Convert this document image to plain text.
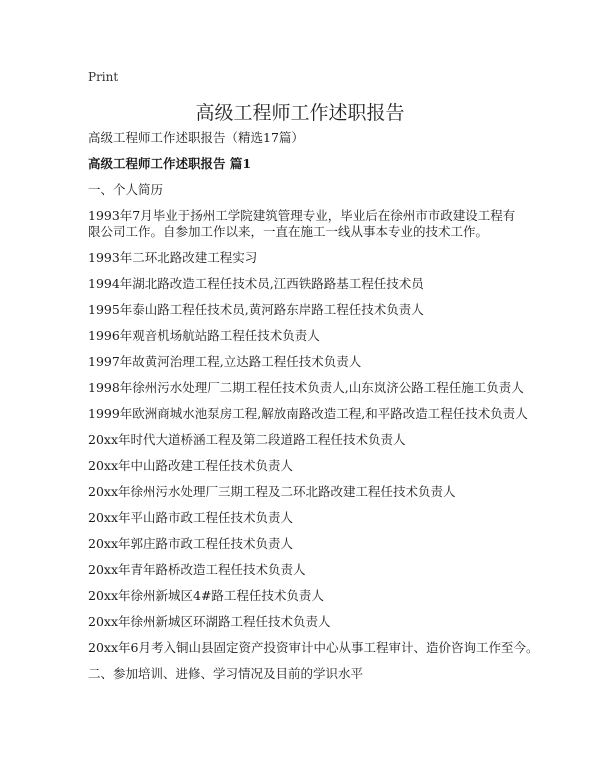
Print
高级工程师工作述职报告

高级工程师工作述职报告（精选17篇）

高级工程师工作述职报告 篇1

一、个人简历

1993年7月毕业于扬州工学院建筑管理专业，毕业后在徐州市市政建设工程有限公司工作。自参加工作以来，一直在施工一线从事本专业的技术工作。

1993年二环北路改建工程实习

1994年湖北路改造工程任技术员,江西铁路路基工程任技术员

1995年泰山路工程任技术员,黄河路东岸路工程任技术负责人

1996年观音机场航站路工程任技术负责人

1997年故黄河治理工程,立达路工程任技术负责人

1998年徐州污水处理厂二期工程任技术负责人,山东岚济公路工程任施工负责人

1999年欧洲商城水池泵房工程,解放南路改造工程,和平路改造工程任技术负责人

20xx年时代大道桥涵工程及第二段道路工程任技术负责人

20xx年中山路改建工程任技术负责人

20xx年徐州污水处理厂三期工程及二环北路改建工程任技术负责人

20xx年平山路市政工程任技术负责人

20xx年郭庄路市政工程任技术负责人

20xx年青年路桥改造工程任技术负责人

20xx年徐州新城区4#路工程任技术负责人

20xx年徐州新城区环湖路工程任技术负责人

20xx年6月考入铜山县固定资产投资审计中心从事工程审计、造价咨询工作至今。

二、参加培训、进修、学习情况及目前的学识水平
